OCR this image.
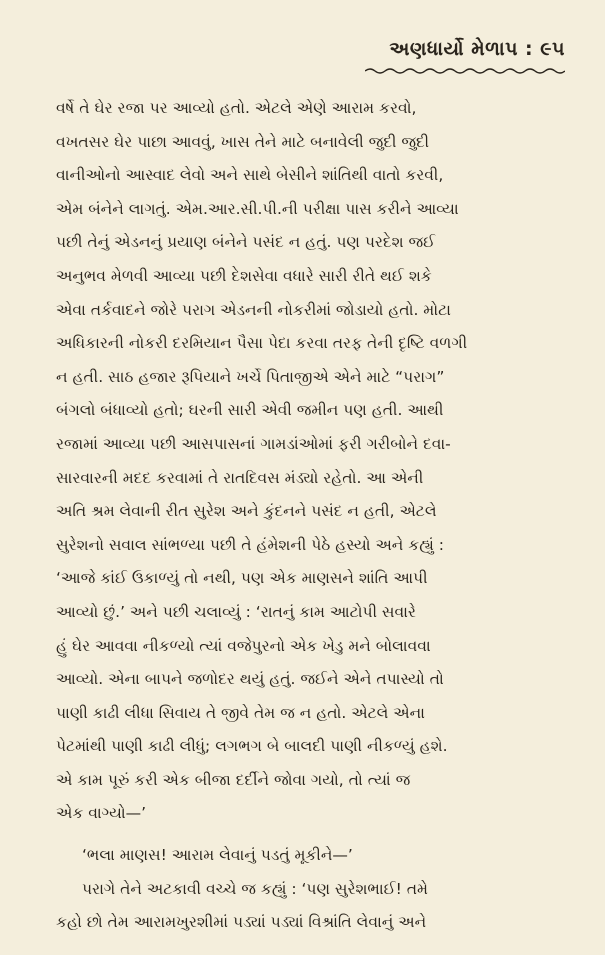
અણધાર્યો મેળાપ : ૯૫
વર્ષે તે ઘેર રજા પર આવ્યો હતો. એટલે એણે આરામ કરવો,
વખતસર ઘેર પાછા આવવું, ખાસ તેને માટે બનાવેલી જુદી જુદી
વાનીઓનો આસ્વાદ લેવો અને સાથે બેસીને શાંતિથી વાતો કરવી,
એમ બંનેને લાગતું. એમ.આર.સી.પી.ની પરીક્ષા પાસ કરીને આવ્યા
પછી તેનું એડનનું પ્રયાણ બંનેને પસંદ ન હતું. પણ પરદેશ જઈ
અનુભવ મેળવી આવ્યા પછી દેશસેવા વધારે સારી રીતે થઈ શકે
એવા તર્કવાદને જોરે પરાગ એડનની નોકરીમાં જોડાયો હતો. મોટા
અધિકારની નોકરી દરમિયાન પૈસા પેદા કરવા તરફ તેની દૃષ્ટિ વળગી
ન હતી. સાઠ હજાર રૂપિયાને ખર્ચે પિતાજીએ એને માટે “પરાગ”
બંગલો બંધાવ્યો હતો; ઘરની સારી એવી જમીન પણ હતી. આથી
રજામાં આવ્યા પછી આસપાસનાં ગામડાંઓમાં ફરી ગરીબોને દવા-
સારવારની મદદ કરવામાં તે રાતદિવસ મંડ્યો રહેતો. આ એની
અતિ શ્રમ લેવાની રીત સુરેશ અને કુંદનને પસંદ ન હતી, એટલે
સુરેશનો સવાલ સાંભળ્યા પછી તે હંમેશની પેઠે હસ્યો અને કહ્યું :
‘આજે કાંઈ ઉકાળ્યું તો નથી, પણ એક માણસને શાંતિ આપી
આવ્યો છું.’ અને પછી ચલાવ્યું : ‘રાતનું કામ આટોપી સવારે
હું ઘેર આવવા નીકળ્યો ત્યાં વજેપુરનો એક ખેડુ મને બોલાવવા
આવ્યો. એના બાપને જળોદર થયું હતું. જઈને એને તપાસ્યો તો
પાણી કાઢી લીધા સિવાય તે જીવે તેમ જ ન હતો. એટલે એના
પેટમાંથી પાણી કાઢી લીધું; લગભગ બે બાલદી પાણી નીકળ્યું હશે.
એ કામ પૂરું કરી એક બીજા દર્દીને જોવા ગયો, તો ત્યાં જ
એક વાગ્યો—’
‘ભલા માણસ! આરામ લેવાનું પડતું મૂકીને—’
પરાગે તેને અટકાવી વચ્ચે જ કહ્યું : ‘પણ સુરેશભાઈ! તમે
કહો છો તેમ આરામખુરશીમાં પડ્યાં પડ્યાં વિશ્રાંતિ લેવાનું અને
